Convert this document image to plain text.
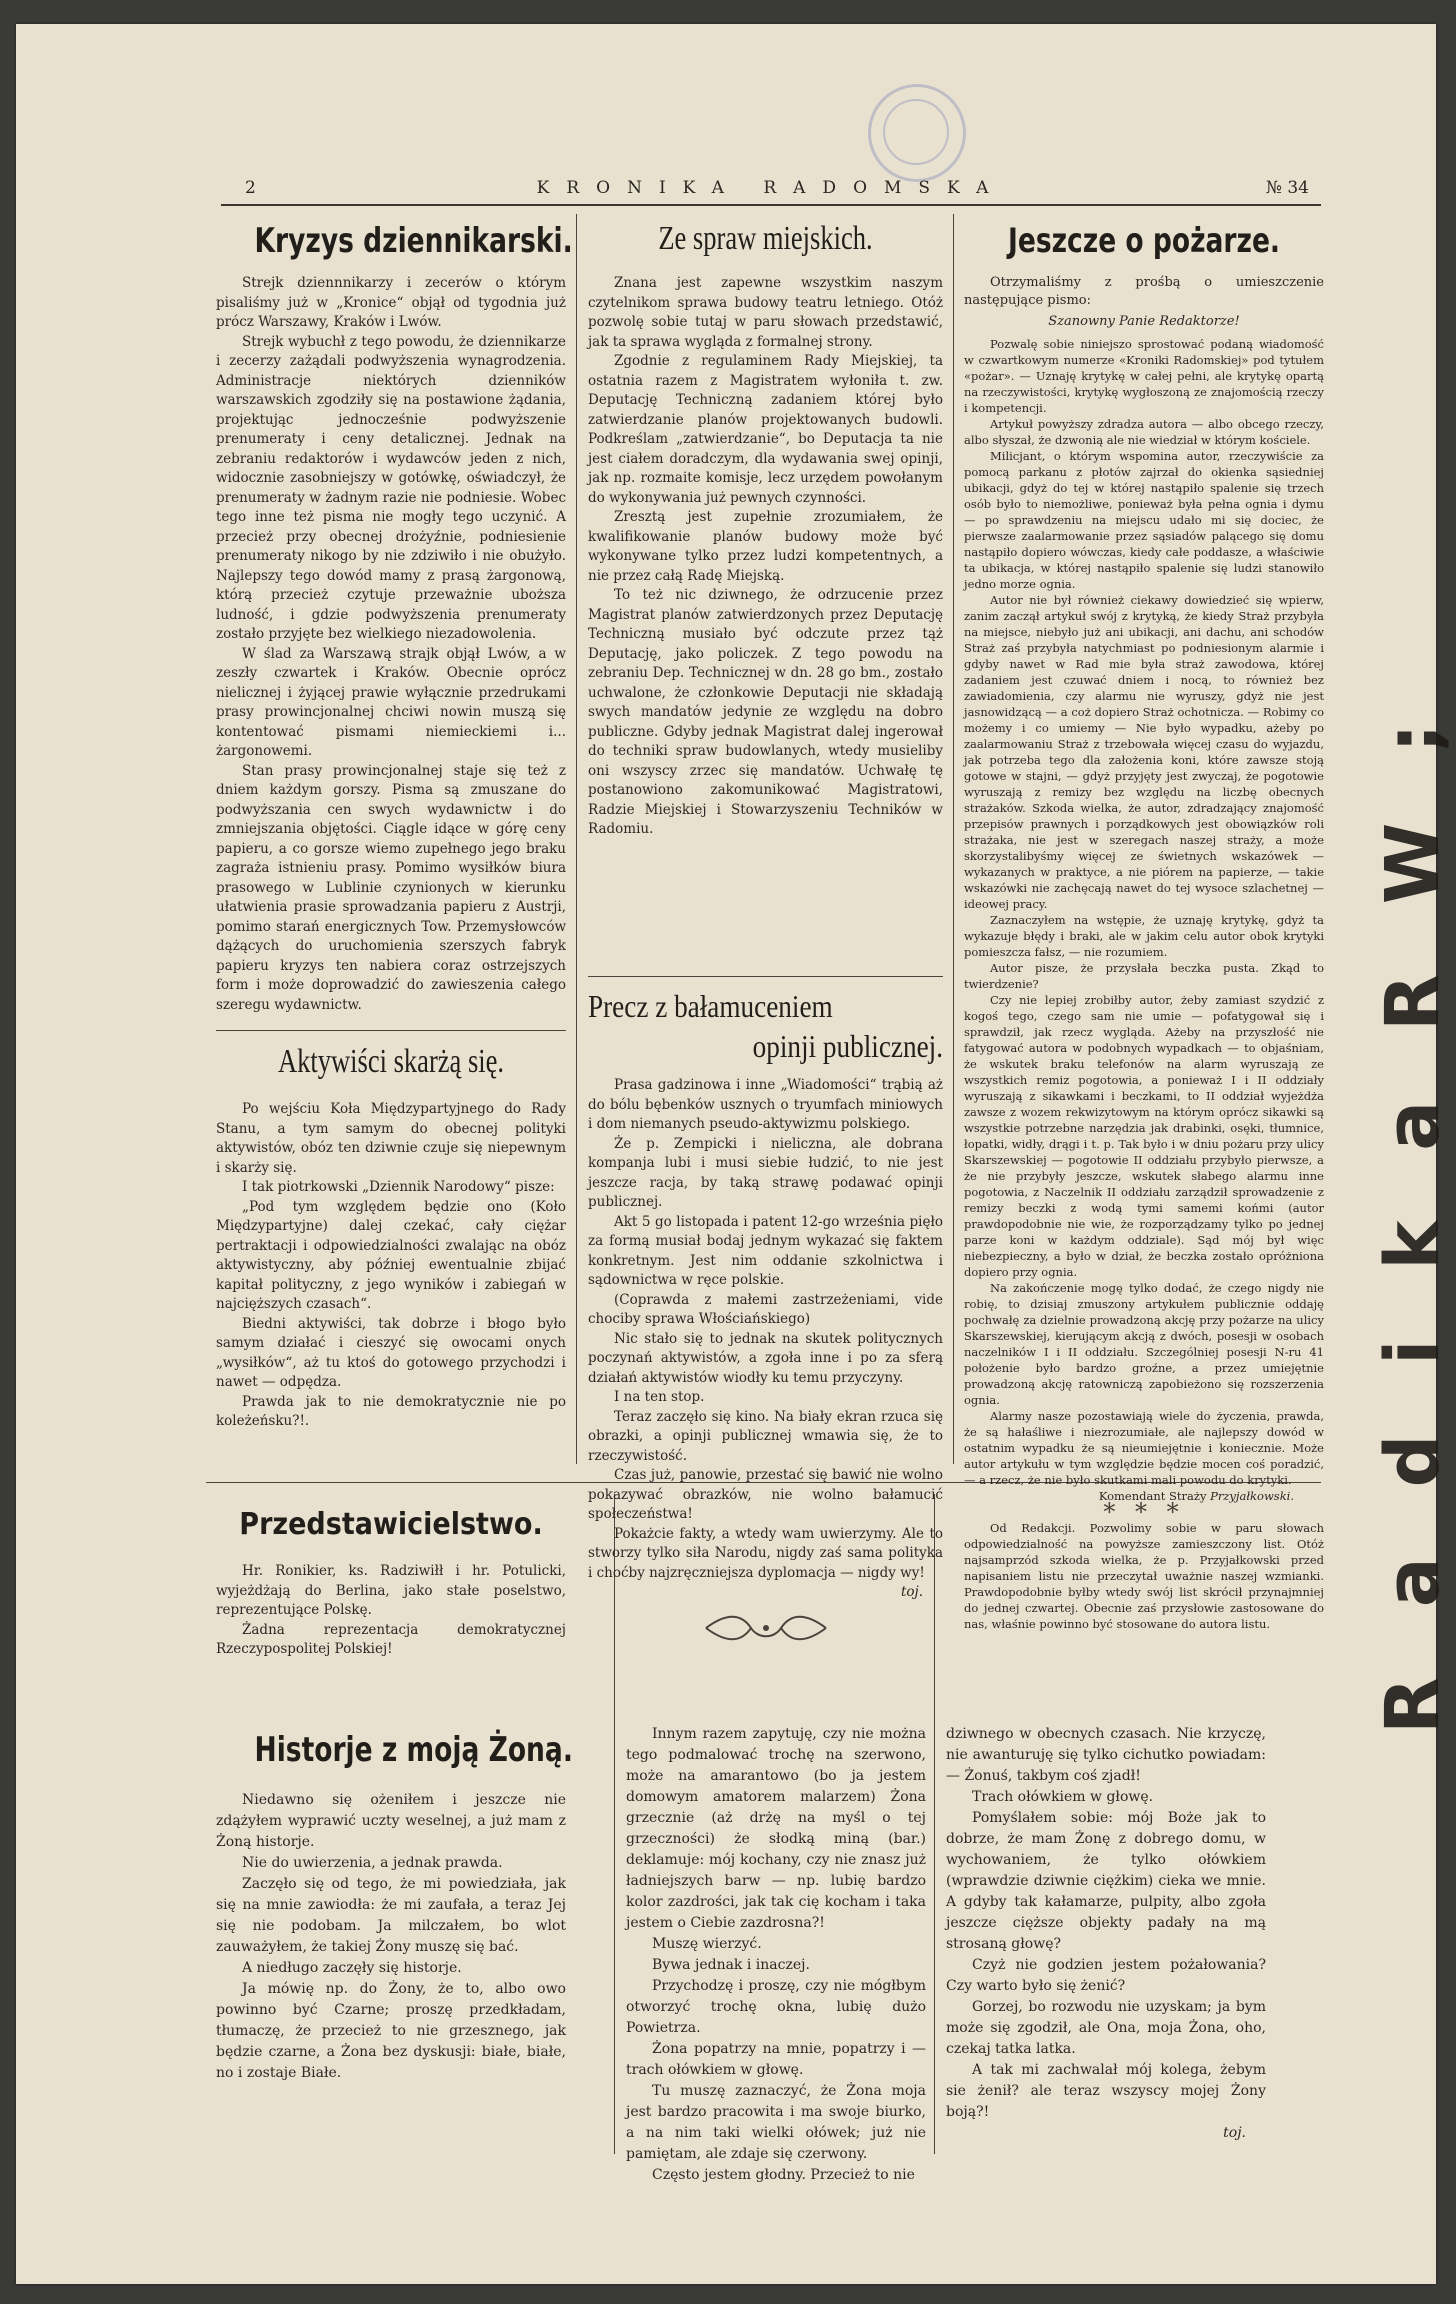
R a d i k a R W ;
2	KRONIKA RADOMSKA	№ 34
Kryzys dziennikarski.

Strejk dziennnikarzy i zecerów o którym pisaliśmy już w „Kronice“ objął od tygodnia już prócz Warszawy, Kraków i Lwów.

Strejk wybuchł z tego powodu, że dziennikarze i zecerzy zażądali podwyższenia wynagrodzenia. Administracje niektórych dzienników warszawskich zgodziły się na postawione żądania, projektując jednocześnie podwyższenie prenumeraty i ceny detalicznej. Jednak na zebraniu redaktorów i wydawców jeden z nich, widocznie zasobniejszy w gotówkę, oświadczył, że prenumeraty w żadnym razie nie podniesie. Wobec tego inne też pisma nie mogły tego uczynić. A przecież przy obecnej drożyźnie, podniesienie prenumeraty nikogo by nie zdziwiło i nie obużyło. Najlepszy tego dowód mamy z prasą żargonową, którą przecież czytuje przeważnie uboższa ludność, i gdzie podwyższenia prenumeraty zostało przyjęte bez wielkiego niezadowolenia.

W ślad za Warszawą strajk objął Lwów, a w zeszły czwartek i Kraków. Obecnie oprócz nielicznej i żyjącej prawie wyłącznie przedrukami prasy prowincjonalnej chciwi nowin muszą się kontentować pismami niemieckiemi i... żargonowemi.

Stan prasy prowincjonalnej staje się też z dniem każdym gorszy. Pisma są zmuszane do podwyższania cen swych wydawnictw i do zmniejszania objętości. Ciągle idące w górę ceny papieru, a co gorsze wiemo zupełnego jego braku zagraża istnieniu prasy. Pomimo wysiłków biura prasowego w Lublinie czynionych w kierunku ułatwienia prasie sprowadzania papieru z Austrji, pomimo starań energicznych Tow. Przemysłowców dążących do uruchomienia szerszych fabryk papieru kryzys ten nabiera coraz ostrzejszych form i może doprowadzić do zawieszenia całego szeregu wydawnictw.

Aktywiści skarżą się.

Po wejściu Koła Międzypartyjnego do Rady Stanu, a tym samym do obecnej polityki aktywistów, obóz ten dziwnie czuje się niepewnym i skarży się.

I tak piotrkowski „Dziennik Narodowy“ pisze:

„Pod tym względem będzie ono (Koło Międzypartyjne) dalej czekać, cały ciężar pertraktacji i odpowiedzialności zwalając na obóz aktywistyczny, aby później ewentualnie zbijać kapitał polityczny, z jego wyników i zabiegań w najcięższych czasach“.

Biedni aktywiści, tak dobrze i błogo było samym działać i cieszyć się owocami onych „wysiłków“, aż tu ktoś do gotowego przychodzi i nawet — odpędza.

Prawda jak to nie demokratycznie nie po koleżeńsku?!.

Przedstawicielstwo.

Hr. Ronikier, ks. Radziwiłł i hr. Potulicki, wyjeżdżają do Berlina, jako stałe poselstwo, reprezentujące Polskę.

Żadna reprezentacja demokratycznej Rzeczypospolitej Polskiej!

Ze spraw miejskich.

Znana jest zapewne wszystkim naszym czytelnikom sprawa budowy teatru letniego. Otóż pozwolę sobie tutaj w paru słowach przedstawić, jak ta sprawa wygląda z formalnej strony.

Zgodnie z regulaminem Rady Miejskiej, ta ostatnia razem z Magistratem wyłoniła t. zw. Deputację Techniczną zadaniem której było zatwierdzanie planów projektowanych budowli. Podkreślam „zatwierdzanie“, bo Deputacja ta nie jest ciałem doradczym, dla wydawania swej opinji, jak np. rozmaite komisje, lecz urzędem powołanym do wykonywania już pewnych czynności.

Zresztą jest zupełnie zrozumiałem, że kwalifikowanie planów budowy może być wykonywane tylko przez ludzi kompetentnych, a nie przez całą Radę Miejską.

To też nic dziwnego, że odrzucenie przez Magistrat planów zatwierdzonych przez Deputację Techniczną musiało być odczute przez tąż Deputację, jako policzek. Z tego powodu na zebraniu Dep. Technicznej w dn. 28 go bm., zostało uchwalone, że członkowie Deputacji nie składają swych mandatów jedynie ze względu na dobro publiczne. Gdyby jednak Magistrat dalej ingerował do techniki spraw budowlanych, wtedy musieliby oni wszyscy zrzec się mandatów. Uchwałę tę postanowiono zakomunikować Magistratowi, Radzie Miejskiej i Stowarzyszeniu Techników w Radomiu.

Precz z bałamuceniem
opinji publicznej.

Prasa gadzinowa i inne „Wiadomości“ trąbią aż do bólu bębenków usznych o tryumfach miniowych i dom niemanych pseudo-aktywizmu polskiego.

Że p. Zempicki i nieliczna, ale dobrana kompanja lubi i musi siebie łudzić, to nie jest jeszcze racja, by taką strawę podawać opinji publicznej.

Akt 5 go listopada i patent 12-go września pięło za formą musiał bodaj jednym wykazać się faktem konkretnym. Jest nim oddanie szkolnictwa i sądownictwa w ręce polskie.

(Coprawda z małemi zastrzeżeniami, vide chociby sprawa Włościańskiego)

Nic stało się to jednak na skutek politycznych poczynań aktywistów, a zgoła inne i po za sferą działań aktywistów wiodły ku temu przyczyny.

I na ten stop.

Teraz zaczęło się kino. Na biały ekran rzuca się obrazki, a opinji publicznej wmawia się, że to rzeczywistość.

Czas już, panowie, przestać się bawić nie wolno pokazywać obrazków, nie wolno bałamucić społeczeństwa!

Pokażcie fakty, a wtedy wam uwierzymy. Ale to stworzy tylko siła Narodu, nigdy zaś sama polityka i choćby najzręczniejsza dyplomacja — nigdy wy!

toj.
Jeszcze o pożarze.

Otrzymaliśmy z prośbą o umieszczenie następujące pismo:

Szanowny Panie Redaktorze!

Pozwalę sobie niniejszo sprostować podaną wiadomość w czwartkowym numerze «Kroniki Radomskiej» pod tytułem «pożar». — Uznaję krytykę w całej pełni, ale krytykę opartą na rzeczywistości, krytykę wygłoszoną ze znajomością rzeczy i kompetencji.

Artykuł powyższy zdradza autora — albo obcego rzeczy, albo słyszał, że dzwonią ale nie wiedział w którym kościele.

Milicjant, o którym wspomina autor, rzeczywiście za pomocą parkanu z płotów zajrzał do okienka sąsiedniej ubikacji, gdyż do tej w której nastąpiło spalenie się trzech osób było to niemożliwe, ponieważ była pełna ognia i dymu — po sprawdzeniu na miejscu udało mi się dociec, że pierwsze zaalarmowanie przez sąsiadów palącego się domu nastąpiło dopiero wówczas, kiedy całe poddasze, a właściwie ta ubikacja, w której nastąpiło spalenie się ludzi stanowiło jedno morze ognia.

Autor nie był również ciekawy dowiedzieć się wpierw, zanim zaczął artykuł swój z krytyką, że kiedy Straż przybyła na miejsce, niebyło już ani ubikacji, ani dachu, ani schodów Straż zaś przybyła natychmiast po podniesionym alarmie i gdyby nawet w Rad mie była straż zawodowa, której zadaniem jest czuwać dniem i nocą, to również bez zawiadomienia, czy alarmu nie wyruszy, gdyż nie jest jasnowidzącą — a coż dopiero Straż ochotnicza. — Robimy co możemy i co umiemy — Nie było wypadku, ażeby po zaalarmowaniu Straż z trzebowała więcej czasu do wyjazdu, jak potrzeba tego dla założenia koni, które zawsze stoją gotowe w stajni, — gdyż przyjęty jest zwyczaj, że pogotowie wyruszają z remizy bez względu na liczbę obecnych strażaków. Szkoda wielka, że autor, zdradzający znajomość przepisów prawnych i porządkowych jest obowiązków roli strażaka, nie jest w szeregach naszej straży, a może skorzystalibyśmy więcej ze świetnych wskazówek — wykazanych w praktyce, a nie piórem na papierze, — takie wskazówki nie zachęcają nawet do tej wysoce szlachetnej — ideowej pracy.

Zaznaczyłem na wstępie, że uznaję krytykę, gdyż ta wykazuje błędy i braki, ale w jakim celu autor obok krytyki pomieszcza fałsz, — nie rozumiem.

Autor pisze, że przysłała beczka pusta. Zkąd to twierdzenie?

Czy nie lepiej zrobiłby autor, żeby zamiast szydzić z kogoś tego, czego sam nie umie — pofatygował się i sprawdził, jak rzecz wygląda. Ażeby na przyszłość nie fatygować autora w podobnych wypadkach — to objaśniam, że wskutek braku telefonów na alarm wyruszają ze wszystkich remiz pogotowia, a ponieważ I i II oddziały wyruszają z sikawkami i beczkami, to II oddział wyjeżdża zawsze z wozem rekwizytowym na którym oprócz sikawki są wszystkie potrzebne narzędzia jak drabinki, osęki, tłumnice, łopatki, widły, drągi i t. p. Tak było i w dniu pożaru przy ulicy Skarszewskiej — pogotowie II oddziału przybyło pierwsze, a że nie przybyły jeszcze, wskutek słabego alarmu inne pogotowia, z Naczelnik II oddziału zarządził sprowadzenie z remizy beczki z wodą tymi samemi końmi (autor prawdopodobnie nie wie, że rozporządzamy tylko po jednej parze koni w każdym oddziale). Sąd mój był więc niebezpieczny, a było w dział, że beczka zostało opróżniona dopiero przy ognia.

Na zakończenie mogę tylko dodać, że czego nigdy nie robię, to dzisiaj zmuszony artykułem publicznie oddaję pochwałę za dzielnie prowadzoną akcję przy pożarze na ulicy Skarszewskiej, kierującym akcją z dwóch, posesji w osobach naczelników I i II oddziału. Szczególniej posesji N-ru 41 położenie było bardzo groźne, a przez umiejętnie prowadzoną akcję ratowniczą zapobieżono się rozszerzenia ognia.

Alarmy nasze pozostawiają wiele do życzenia, prawda, że są hałaśliwe i niezrozumiałe, ale najlepszy dowód w ostatnim wypadku że są nieumiejętnie i koniecznie. Może autor artykułu w tym względzie będzie mocen coś poradzić, — a rzecz, że nie było skutkami mali powodu do krytyki.

Komendant Straży Przyjałkowski.
* * *

Od Redakcji. Pozwolimy sobie w paru słowach odpowiedzialność na powyższe zamieszczony list. Otóż najsamprzód szkoda wielka, że p. Przyjałkowski przed napisaniem listu nie przeczytał uważnie naszej wzmianki. Prawdopodobnie byłby wtedy swój list skrócił przynajmniej do jednej czwartej. Obecnie zaś przysłowie zastosowane do nas, właśnie powinno być stosowane do autora listu.

Historje z moją Żoną.

Niedawno się ożeniłem i jeszcze nie zdążyłem wyprawić uczty weselnej, a już mam z Żoną historje.

Nie do uwierzenia, a jednak prawda.

Zaczęło się od tego, że mi powiedziała, jak się na mnie zawiodła: że mi zaufała, a teraz Jej się nie podobam. Ja milczałem, bo wlot zauważyłem, że takiej Żony muszę się bać.

A niedługo zaczęły się historje.

Ja mówię np. do Żony, że to, albo owo powinno być Czarne; proszę przedkładam, tłumaczę, że przecież to nie grzesznego, jak będzie czarne, a Żona bez dyskusji: białe, białe, no i zostaje Białe.

Innym razem zapytuję, czy nie można tego podmalować trochę na szerwono, może na amarantowo (bo ja jestem domowym amatorem malarzem) Żona grzecznie (aż drżę na myśl o tej grzeczności) że słodką miną (bar.) deklamuje: mój kochany, czy nie znasz już ładniejszych barw — np. lubię bardzo kolor zazdrości, jak tak cię kocham i taka jestem o Ciebie zazdrosna?!

Muszę wierzyć.

Bywa jednak i inaczej.

Przychodzę i proszę, czy nie mógłbym otworzyć trochę okna, lubię dużo Powietrza.

Żona popatrzy na mnie, popatrzy i — trach ołówkiem w głowę.

Tu muszę zaznaczyć, że Żona moja jest bardzo pracowita i ma swoje biurko, a na nim taki wielki ołówek; już nie pamiętam, ale zdaje się czerwony.

Często jestem głodny. Przecież to nie

dziwnego w obecnych czasach. Nie krzyczę, nie awanturuję się tylko cichutko powiadam: — Żonuś, takbym coś zjadł!

Trach ołówkiem w głowę.

Pomyślałem sobie: mój Boże jak to dobrze, że mam Żonę z dobrego domu, w wychowaniem, że tylko ołówkiem (wprawdzie dziwnie ciężkim) cieka we mnie. A gdyby tak kałamarze, pulpity, albo zgoła jeszcze cięższe objekty padały na mą strosaną głowę?

Czyż nie godzien jestem pożałowania? Czy warto było się żenić?

Gorzej, bo rozwodu nie uzyskam; ja bym może się zgodził, ale Ona, moja Żona, oho, czekaj tatka latka.

A tak mi zachwalał mój kolega, żebym sie żenił? ale teraz wszyscy mojej Żony boją?!

toj.
